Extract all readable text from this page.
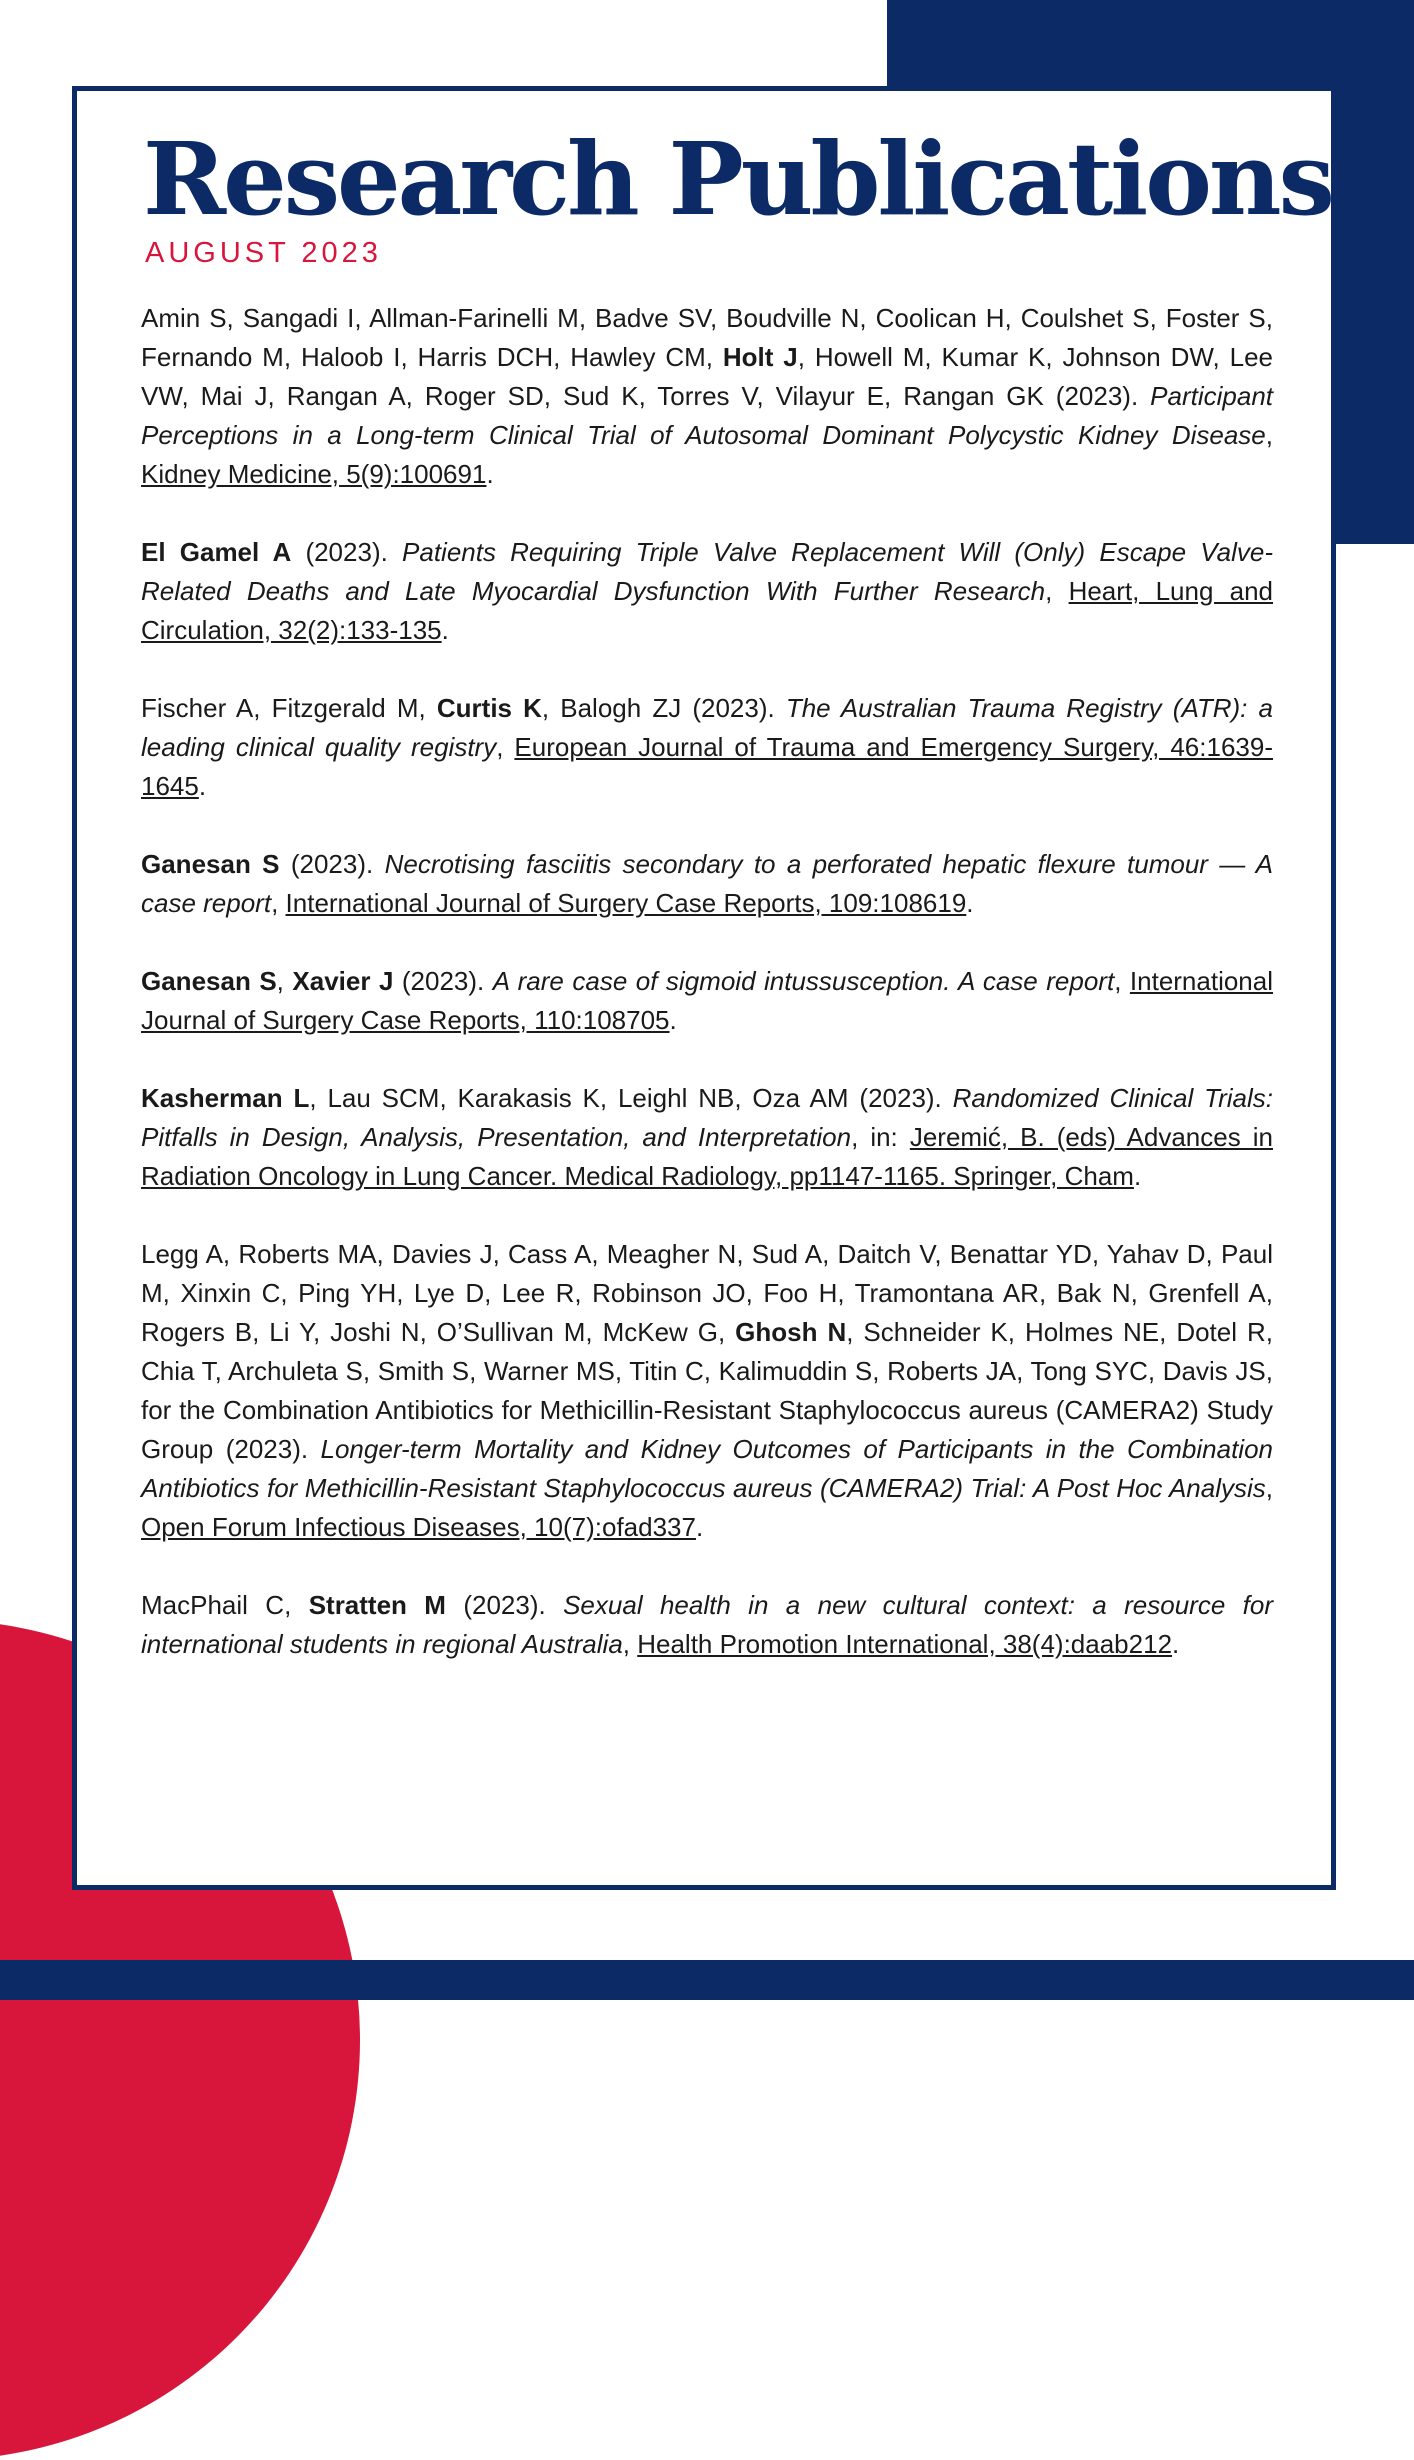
Research Publications
AUGUST 2023

Amin S, Sangadi I, Allman-Farinelli M, Badve SV, Boudville N, Coolican H, Coulshet S, Foster S, Fernando M, Haloob I, Harris DCH, Hawley CM, Holt J, Howell M, Kumar K, Johnson DW, Lee VW, Mai J, Rangan A, Roger SD, Sud K, Torres V, Vilayur E, Rangan GK (2023). Participant Perceptions in a Long-term Clinical Trial of Autosomal Dominant Polycystic Kidney Disease, Kidney Medicine, 5(9):100691.

El Gamel A (2023). Patients Requiring Triple Valve Replacement Will (Only) Escape Valve-Related Deaths and Late Myocardial Dysfunction With Further Research, Heart, Lung and Circulation, 32(2):133-135.

Fischer A, Fitzgerald M, Curtis K, Balogh ZJ (2023). The Australian Trauma Registry (ATR): a leading clinical quality registry, European Journal of Trauma and Emergency Surgery, 46:1639-1645.

Ganesan S (2023). Necrotising fasciitis secondary to a perforated hepatic flexure tumour — A case report, International Journal of Surgery Case Reports, 109:108619.

Ganesan S, Xavier J (2023). A rare case of sigmoid intussusception. A case report, International Journal of Surgery Case Reports, 110:108705.

Kasherman L, Lau SCM, Karakasis K, Leighl NB, Oza AM (2023). Randomized Clinical Trials: Pitfalls in Design, Analysis, Presentation, and Interpretation, in: Jeremić, B. (eds) Advances in Radiation Oncology in Lung Cancer. Medical Radiology, pp1147-1165. Springer, Cham.

Legg A, Roberts MA, Davies J, Cass A, Meagher N, Sud A, Daitch V, Benattar YD, Yahav D, Paul M, Xinxin C, Ping YH, Lye D, Lee R, Robinson JO, Foo H, Tramontana AR, Bak N, Grenfell A, Rogers B, Li Y, Joshi N, O’Sullivan M, McKew G, Ghosh N, Schneider K, Holmes NE, Dotel R, Chia T, Archuleta S, Smith S, Warner MS, Titin C, Kalimuddin S, Roberts JA, Tong SYC, Davis JS, for the Combination Antibiotics for Methicillin-Resistant Staphylococcus aureus (CAMERA2) Study Group (2023). Longer-term Mortality and Kidney Outcomes of Participants in the Combination Antibiotics for Methicillin-Resistant Staphylococcus aureus (CAMERA2) Trial: A Post Hoc Analysis, Open Forum Infectious Diseases, 10(7):ofad337.

MacPhail C, Stratten M (2023). Sexual health in a new cultural context: a resource for international students in regional Australia, Health Promotion International, 38(4):daab212.
